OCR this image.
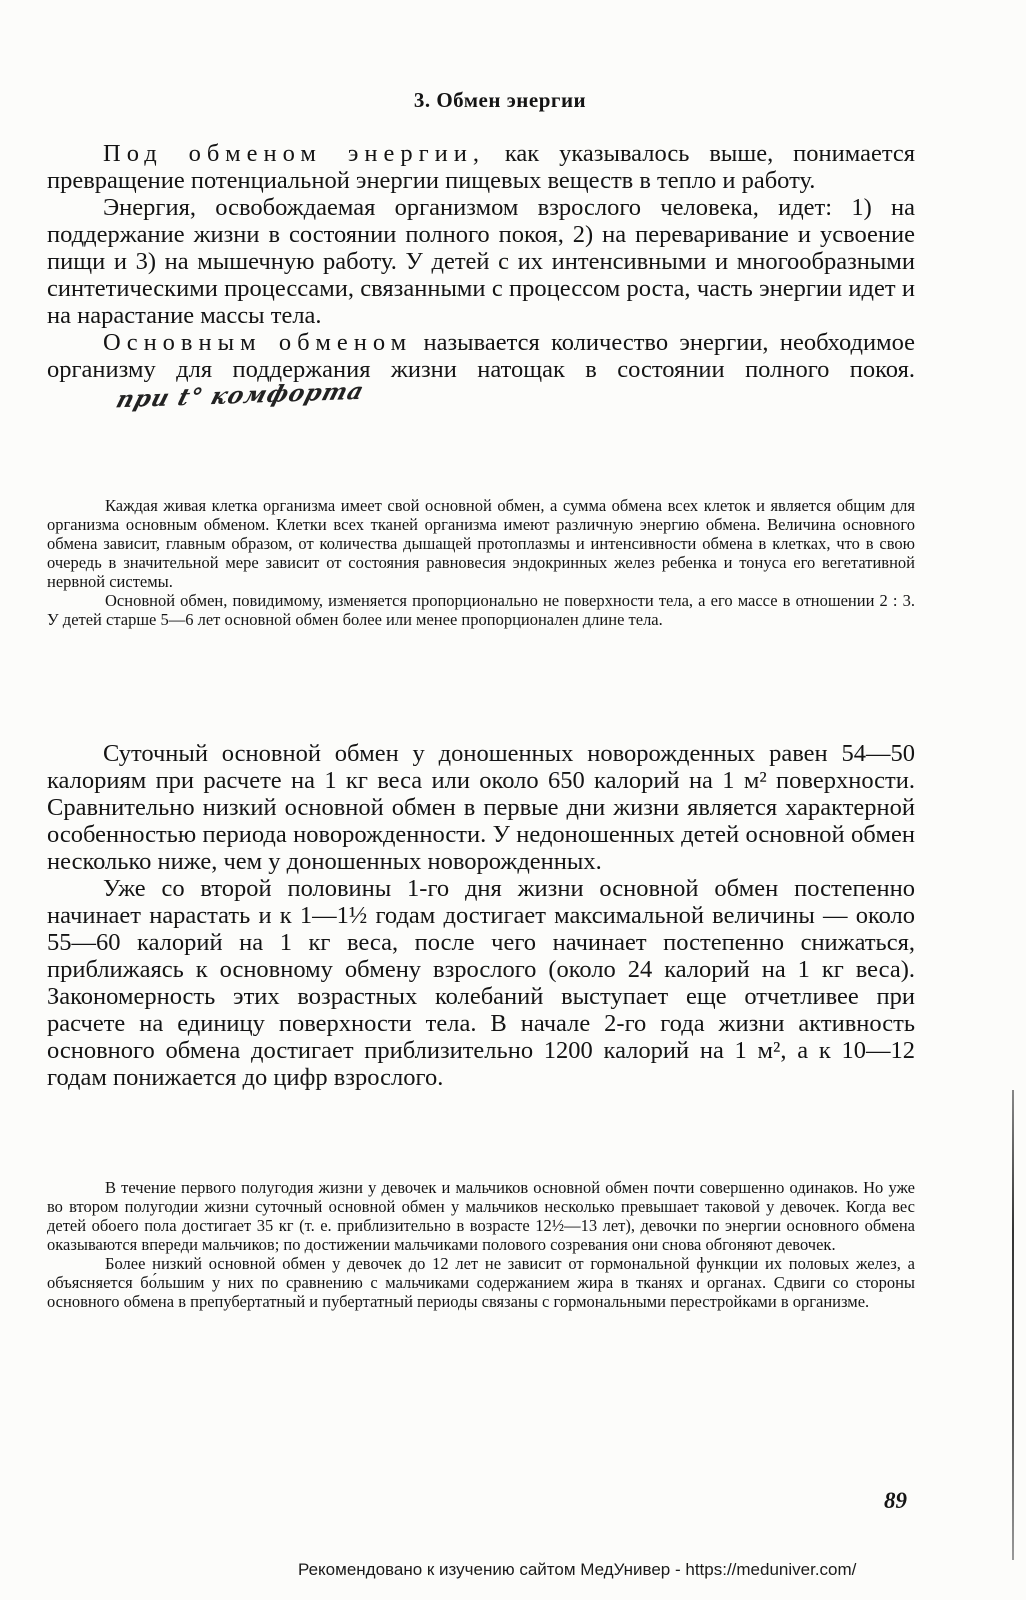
3. Обмен энергии

Под обменом энергии, как указывалось выше, понимается превращение потенциальной энергии пищевых веществ в тепло и работу.

Энергия, освобождаемая организмом взрослого человека, идет: 1) на поддержание жизни в состоянии полного покоя, 2) на переваривание и усвоение пищи и 3) на мышечную работу. У детей с их интенсивными и многообразными синтетическими процессами, связанными с процессом роста, часть энергии идет и на нарастание массы тела.

Основным обменом называется количество энергии, необходимое организму для поддержания жизни натощак в состоянии полного покоя.при t° комфорта

Каждая живая клетка организма имеет свой основной обмен, а сумма обмена всех клеток и является общим для организма основным обменом. Клетки всех тканей организма имеют различную энергию обмена. Величина основного обмена зависит, главным образом, от количества дышащей протоплазмы и интенсивности обмена в клетках, что в свою очередь в значительной мере зависит от состояния равновесия эндокринных желез ребенка и тонуса его вегетативной нервной системы.

Основной обмен, повидимому, изменяется пропорционально не поверхности тела, а его массе в отношении 2 : 3. У детей старше 5—6 лет основной обмен более или менее пропорционален длине тела.

Суточный основной обмен у доношенных новорожденных равен 54—50 калориям при расчете на 1 кг веса или около 650 калорий на 1 м² поверхности. Сравнительно низкий основной обмен в первые дни жизни является характерной особенностью периода новорожденности. У недоношенных детей основной обмен несколько ниже, чем у доношенных новорожденных.

Уже со второй половины 1-го дня жизни основной обмен постепенно начинает нарастать и к 1—1½ годам достигает максимальной величины — около 55—60 калорий на 1 кг веса, после чего начинает постепенно снижаться, приближаясь к основному обмену взрослого (около 24 калорий на 1 кг веса). Закономерность этих возрастных колебаний выступает еще отчетливее при расчете на единицу поверхности тела. В начале 2-го года жизни активность основного обмена достигает приблизительно 1200 калорий на 1 м², а к 10—12 годам понижается до цифр взрослого.

В течение первого полугодия жизни у девочек и мальчиков основной обмен почти совершенно одинаков. Но уже во втором полугодии жизни суточный основной обмен у мальчиков несколько превышает таковой у девочек. Когда вес детей обоего пола достигает 35 кг (т. е. приблизительно в возрасте 12½—13 лет), девочки по энергии основного обмена оказываются впереди мальчиков; по достижении мальчиками полового созревания они снова обгоняют девочек.

Более низкий основной обмен у девочек до 12 лет не зависит от гормональной функции их половых желез, а объясняется бо́льшим у них по сравнению с мальчиками содержанием жира в тканях и органах. Сдвиги со стороны основного обмена в препубертатный и пубертатный периоды связаны с гормональными перестройками в организме.

89
Рекомендовано к изучению сайтом МедУнивер - https://meduniver.com/
